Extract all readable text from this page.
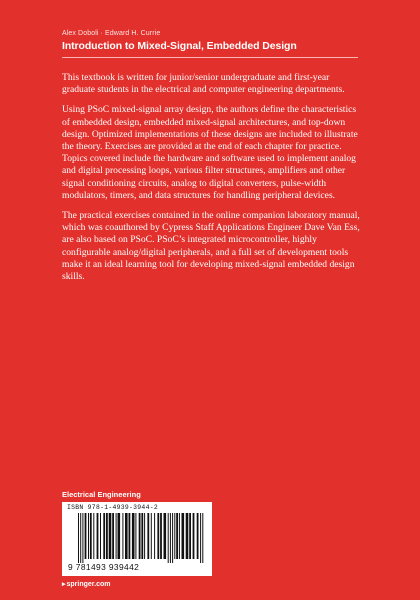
Alex Doboli · Edward H. Currie
Introduction to Mixed-Signal, Embedded Design

This textbook is written for junior/senior undergraduate and first-year graduate students in the electrical and computer engineering departments.

Using PSoC mixed-signal array design, the authors define the characteristics of embedded design, embedded mixed-signal architectures, and top-down design. Optimized implementations of these designs are included to illustrate the theory. Exercises are provided at the end of each chapter for practice. Topics covered include the hardware and software used to implement analog and digital processing loops, various filter structures, amplifiers and other signal conditioning circuits, analog to digital converters, pulse-width modulators, timers, and data structures for handling peripheral devices.

The practical exercises contained in the online companion laboratory manual, which was coauthored by Cypress Staff Applications Engineer Dave Van Ess, are also based on PSoC. PSoC’s integrated microcontroller, highly configurable analog/digital peripherals, and a full set of development tools make it an ideal learning tool for developing mixed-signal embedded design skills.

Electrical Engineering
ISBN 978-1-4939-3944-2
9 781493 939442
▸springer.com
